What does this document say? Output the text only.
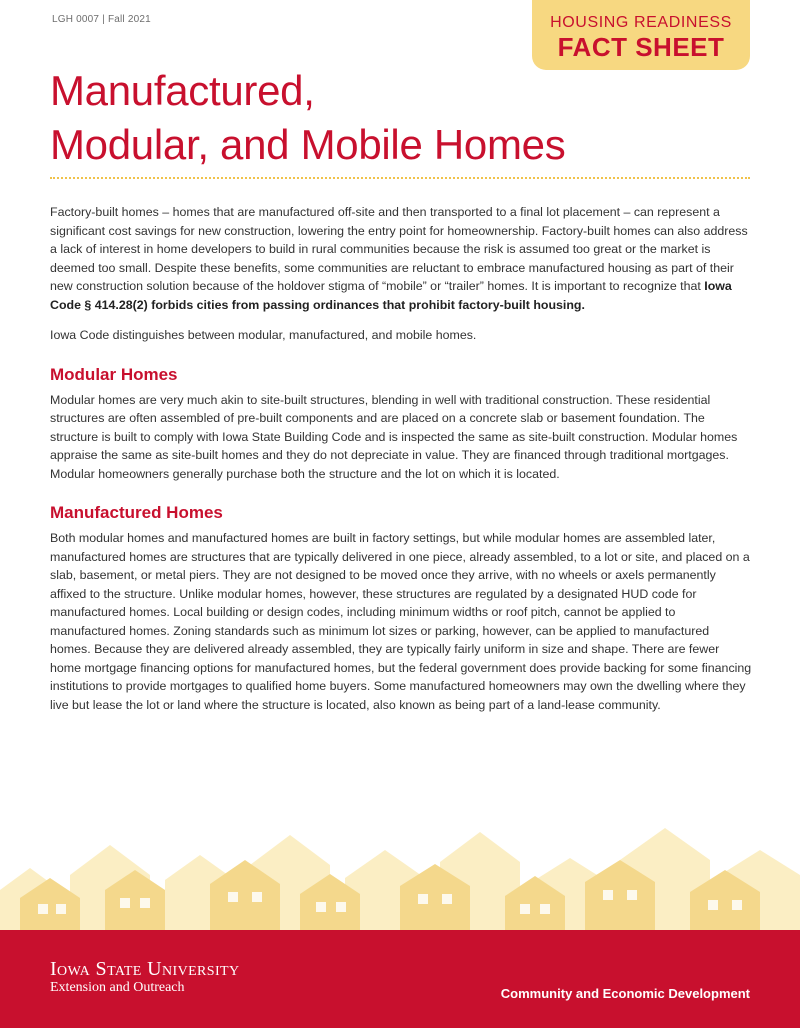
LGH 0007 | Fall 2021	HOUSING READINESS
FACT SHEET
Manufactured,
Modular, and Mobile Homes

Factory-built homes – homes that are manufactured off-site and then transported to a final lot placement – can represent a significant cost savings for new construction, lowering the entry point for homeownership. Factory-built homes can also address a lack of interest in home developers to build in rural communities because the risk is assumed too great or the market is deemed too small. Despite these benefits, some communities are reluctant to embrace manufactured housing as part of their new construction solution because of the holdover stigma of “mobile” or “trailer” homes. It is important to recognize that Iowa Code § 414.28(2) forbids cities from passing ordinances that prohibit factory-built housing.

Iowa Code distinguishes between modular, manufactured, and mobile homes.

Modular Homes

Modular homes are very much akin to site-built structures, blending in well with traditional construction. These residential structures are often assembled of pre-built components and are placed on a concrete slab or basement foundation. The structure is built to comply with Iowa State Building Code and is inspected the same as site-built construction. Modular homes appraise the same as site-built homes and they do not depreciate in value. They are financed through traditional mortgages. Modular homeowners generally purchase both the structure and the lot on which it is located.

Manufactured Homes

Both modular homes and manufactured homes are built in factory settings, but while modular homes are assembled later, manufactured homes are structures that are typically delivered in one piece, already assembled, to a lot or site, and placed on a slab, basement, or metal piers. They are not designed to be moved once they arrive, with no wheels or axels permanently affixed to the structure. Unlike modular homes, however, these structures are regulated by a designated HUD code for manufactured homes. Local building or design codes, including minimum widths or roof pitch, cannot be applied to manufactured homes. Zoning standards such as minimum lot sizes or parking, however, can be applied to manufactured homes. Because they are delivered already assembled, they are typically fairly uniform in size and shape. There are fewer home mortgage financing options for manufactured homes, but the federal government does provide backing for some financing institutions to provide mortgages to qualified home buyers. Some manufactured homeowners may own the dwelling where they live but lease the lot or land where the structure is located, also known as being part of a land-lease community.

Iowa State University
Extension and Outreach	Community and Economic Development
